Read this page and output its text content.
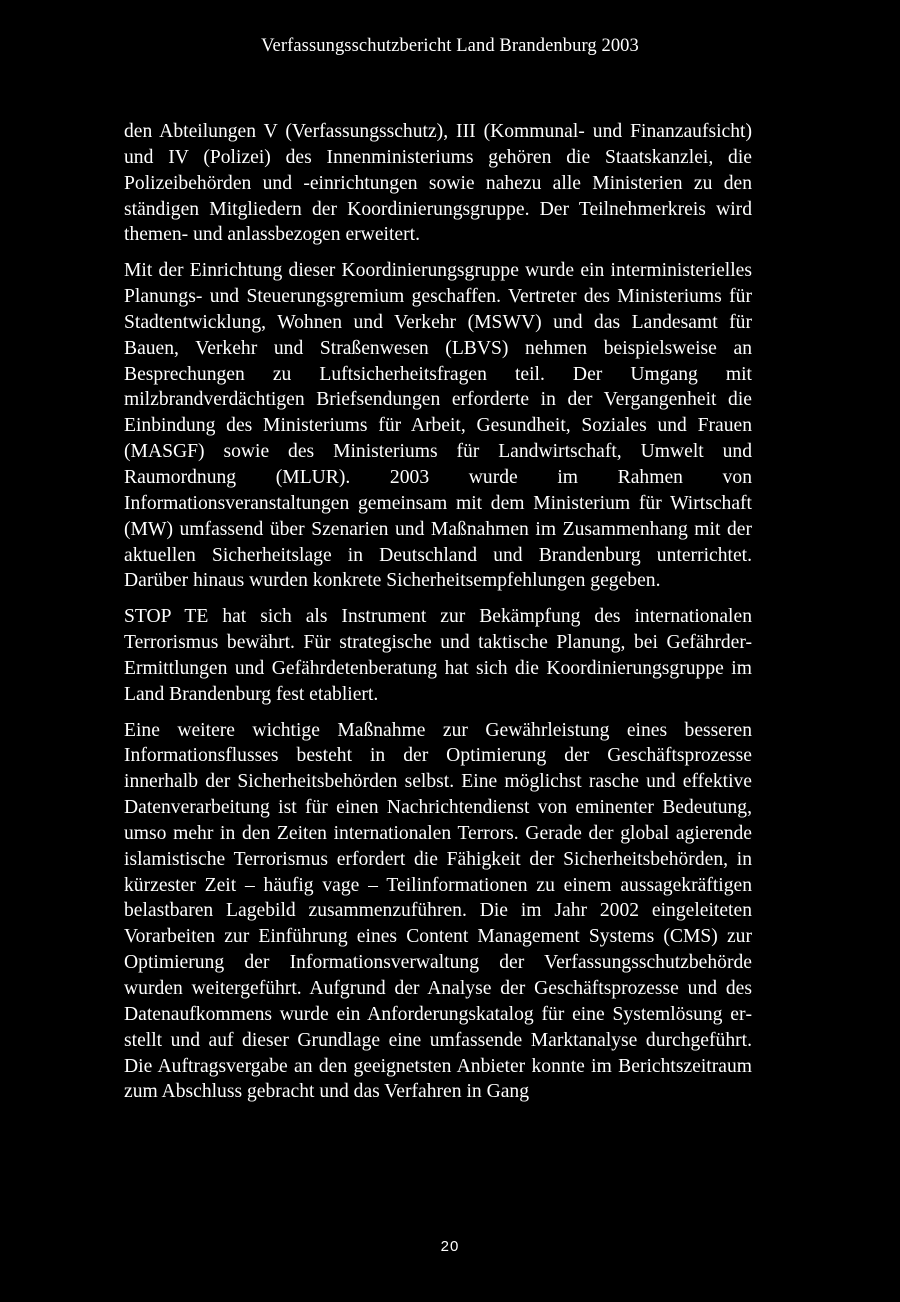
Verfassungsschutzbericht Land Brandenburg 2003

den Abteilungen V (Verfassungsschutz), III (Kommunal- und Finanzaufsicht) und IV (Polizei) des Innenministeriums gehören die Staatskanzlei, die Polizeibehörden und -einrichtungen sowie nahezu alle Ministerien zu den ständigen Mitgliedern der Koordinierungsgruppe. Der Teilnehmerkreis wird themen- und anlassbezogen erweitert.

Mit der Einrichtung dieser Koordinierungsgruppe wurde ein interministerielles Planungs- und Steuerungsgremium geschaffen. Vertreter des Ministeriums für Stadtentwicklung, Wohnen und Verkehr (MSWV) und das Landesamt für Bauen, Verkehr und Straßenwesen (LBVS) nehmen beispielsweise an Besprechungen zu Luftsicherheitsfragen teil. Der Umgang mit milzbrandverdächtigen Briefsendungen erforderte in der Vergangenheit die Einbindung des Ministeriums für Arbeit, Gesundheit, Soziales und Frauen (MASGF) sowie des Ministeriums für Landwirtschaft, Umwelt und Raumordnung (MLUR). 2003 wurde im Rahmen von Informationsveranstaltungen gemeinsam mit dem Ministerium für Wirtschaft (MW) umfassend über Szenarien und Maßnahmen im Zusammenhang mit der aktuellen Sicherheitslage in Deutschland und Brandenburg unterrichtet. Darüber hinaus wurden konkrete Sicherheitsempfehlungen gegeben.

STOP TE hat sich als Instrument zur Bekämpfung des internationalen Terrorismus bewährt. Für strategische und taktische Planung, bei Gefährder-Ermittlungen und Gefährdetenberatung hat sich die Koordinierungsgruppe im Land Brandenburg fest etabliert.

Eine weitere wichtige Maßnahme zur Gewährleistung eines besseren Informationsflusses besteht in der Optimierung der Geschäftsprozesse innerhalb der Sicherheitsbehörden selbst. Eine möglichst rasche und effektive Datenverarbeitung ist für einen Nachrichtendienst von eminenter Bedeutung, umso mehr in den Zeiten internationalen Terrors. Gerade der global agierende islamistische Terrorismus erfordert die Fähigkeit der Sicherheitsbehörden, in kürzester Zeit – häufig vage – Teilinformationen zu einem aussagekräftigen belastbaren Lagebild zusammenzuführen. Die im Jahr 2002 eingeleiteten Vorarbeiten zur Einführung eines Content Management Systems (CMS) zur Optimierung der Informationsverwaltung der Verfassungsschutzbehörde wurden weitergeführt. Aufgrund der Analyse der Geschäftsprozesse und des Datenaufkommens wurde ein Anforderungskatalog für eine Systemlösung erstellt und auf dieser Grundlage eine umfassende Marktanalyse durchgeführt. Die Auftragsvergabe an den geeignetsten Anbieter konnte im Berichtszeitraum zum Abschluss gebracht und das Verfahren in Gang

20
